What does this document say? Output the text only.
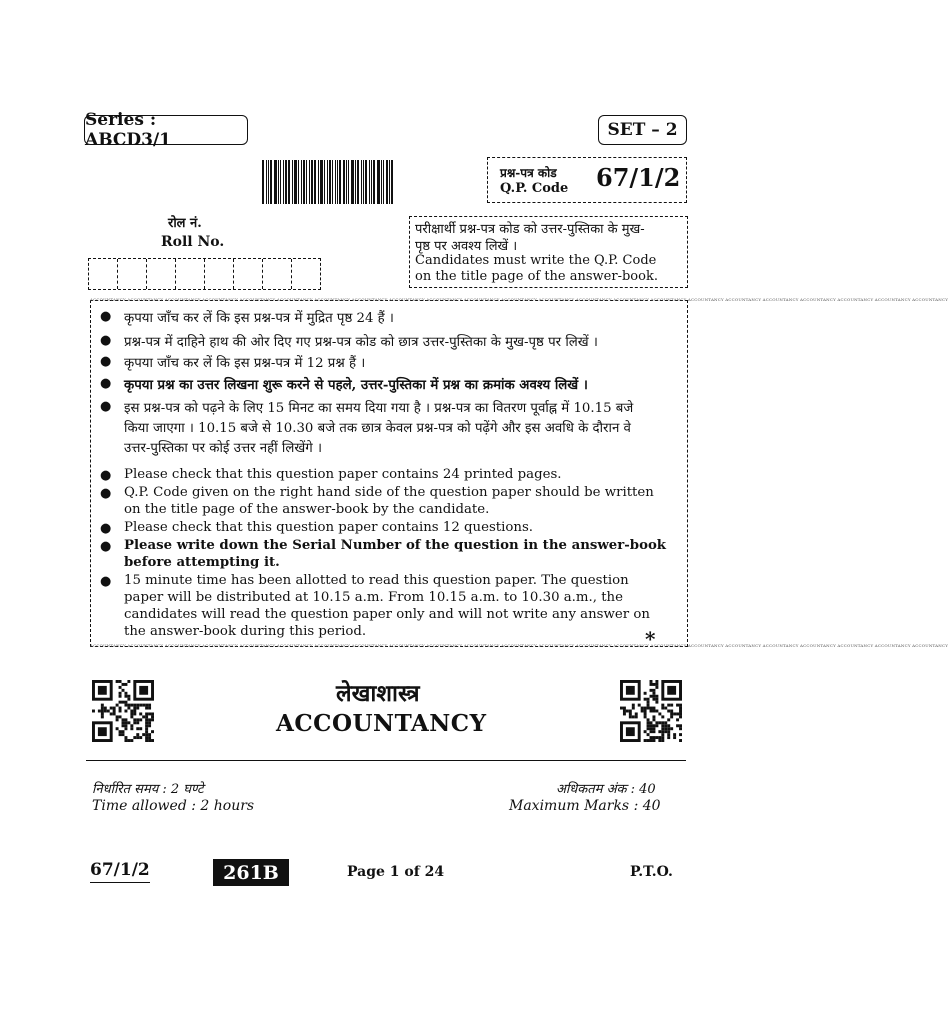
Series : ABCD3/1	SET – 2
प्रश्न-पत्र कोड
Q.P. Code 67/1/2
रोल नं.
Roll No.
परीक्षार्थी प्रश्न-पत्र कोड को उत्तर-पुस्तिका के मुख-
पृष्ठ पर अवश्य लिखें ।
Candidates must write the Q.P. Code
on the title page of the answer-book.
ACCOUNTANCY ACCOUNTANCY ACCOUNTANCY ACCOUNTANCY ACCOUNTANCY ACCOUNTANCY ACCOUNTANCY ACCOUNTANCY ACCOUNTANCY ACCOUNTANCY ACCOUNTANCY ACCOUNTANCY ACCOUNTANCY ACCOUNTANCY ACCOUNTANCY ACCOUNTANCY ACCOUNTANCY ACCOUNTANCY ACCOUNTANCY ACCOUNTANCY ACCOUNTANCY ACCOUNTANCY ACCOUNTANCY
ACCOUNTANCY ACCOUNTANCY ACCOUNTANCY ACCOUNTANCY ACCOUNTANCY ACCOUNTANCY ACCOUNTANCY ACCOUNTANCY ACCOUNTANCY ACCOUNTANCY ACCOUNTANCY ACCOUNTANCY ACCOUNTANCY ACCOUNTANCY ACCOUNTANCY ACCOUNTANCY ACCOUNTANCY ACCOUNTANCY ACCOUNTANCY ACCOUNTANCY ACCOUNTANCY ACCOUNTANCY ACCOUNTANCY
● कृपया जाँच कर लें कि इस प्रश्न-पत्र में मुद्रित पृष्ठ 24 हैं ।
● प्रश्न-पत्र में दाहिने हाथ की ओर दिए गए प्रश्न-पत्र कोड को छात्र उत्तर-पुस्तिका के मुख-पृष्ठ पर लिखें ।
● कृपया जाँच कर लें कि इस प्रश्न-पत्र में 12 प्रश्न हैं ।
● कृपया प्रश्न का उत्तर लिखना शुरू करने से पहले, उत्तर-पुस्तिका में प्रश्न का क्रमांक अवश्य लिखें ।
● इस प्रश्न-पत्र को पढ़ने के लिए 15 मिनट का समय दिया गया है । प्रश्न-पत्र का वितरण पूर्वाह्न में 10.15 बजे
किया जाएगा । 10.15 बजे से 10.30 बजे तक छात्र केवल प्रश्न-पत्र को पढ़ेंगे और इस अवधि के दौरान वे
उत्तर-पुस्तिका पर कोई उत्तर नहीं लिखेंगे ।
● Please check that this question paper contains 24 printed pages.
● Q.P. Code given on the right hand side of the question paper should be written
on the title page of the answer-book by the candidate.
● Please check that this question paper contains 12 questions.
● Please write down the Serial Number of the question in the answer-book
before attempting it.
● 15 minute time has been allotted to read this question paper. The question
paper will be distributed at 10.15 a.m. From 10.15 a.m. to 10.30 a.m., the
candidates will read the question paper only and will not write any answer on
the answer-book during this period.	*
लेखाशास्त्र
ACCOUNTANCY
निर्धारित समय : 2 घण्टे
Time allowed : 2 hours
अधिकतम अंक : 40
Maximum Marks : 40
67/1/2	261B	Page 1 of 24	P.T.O.
